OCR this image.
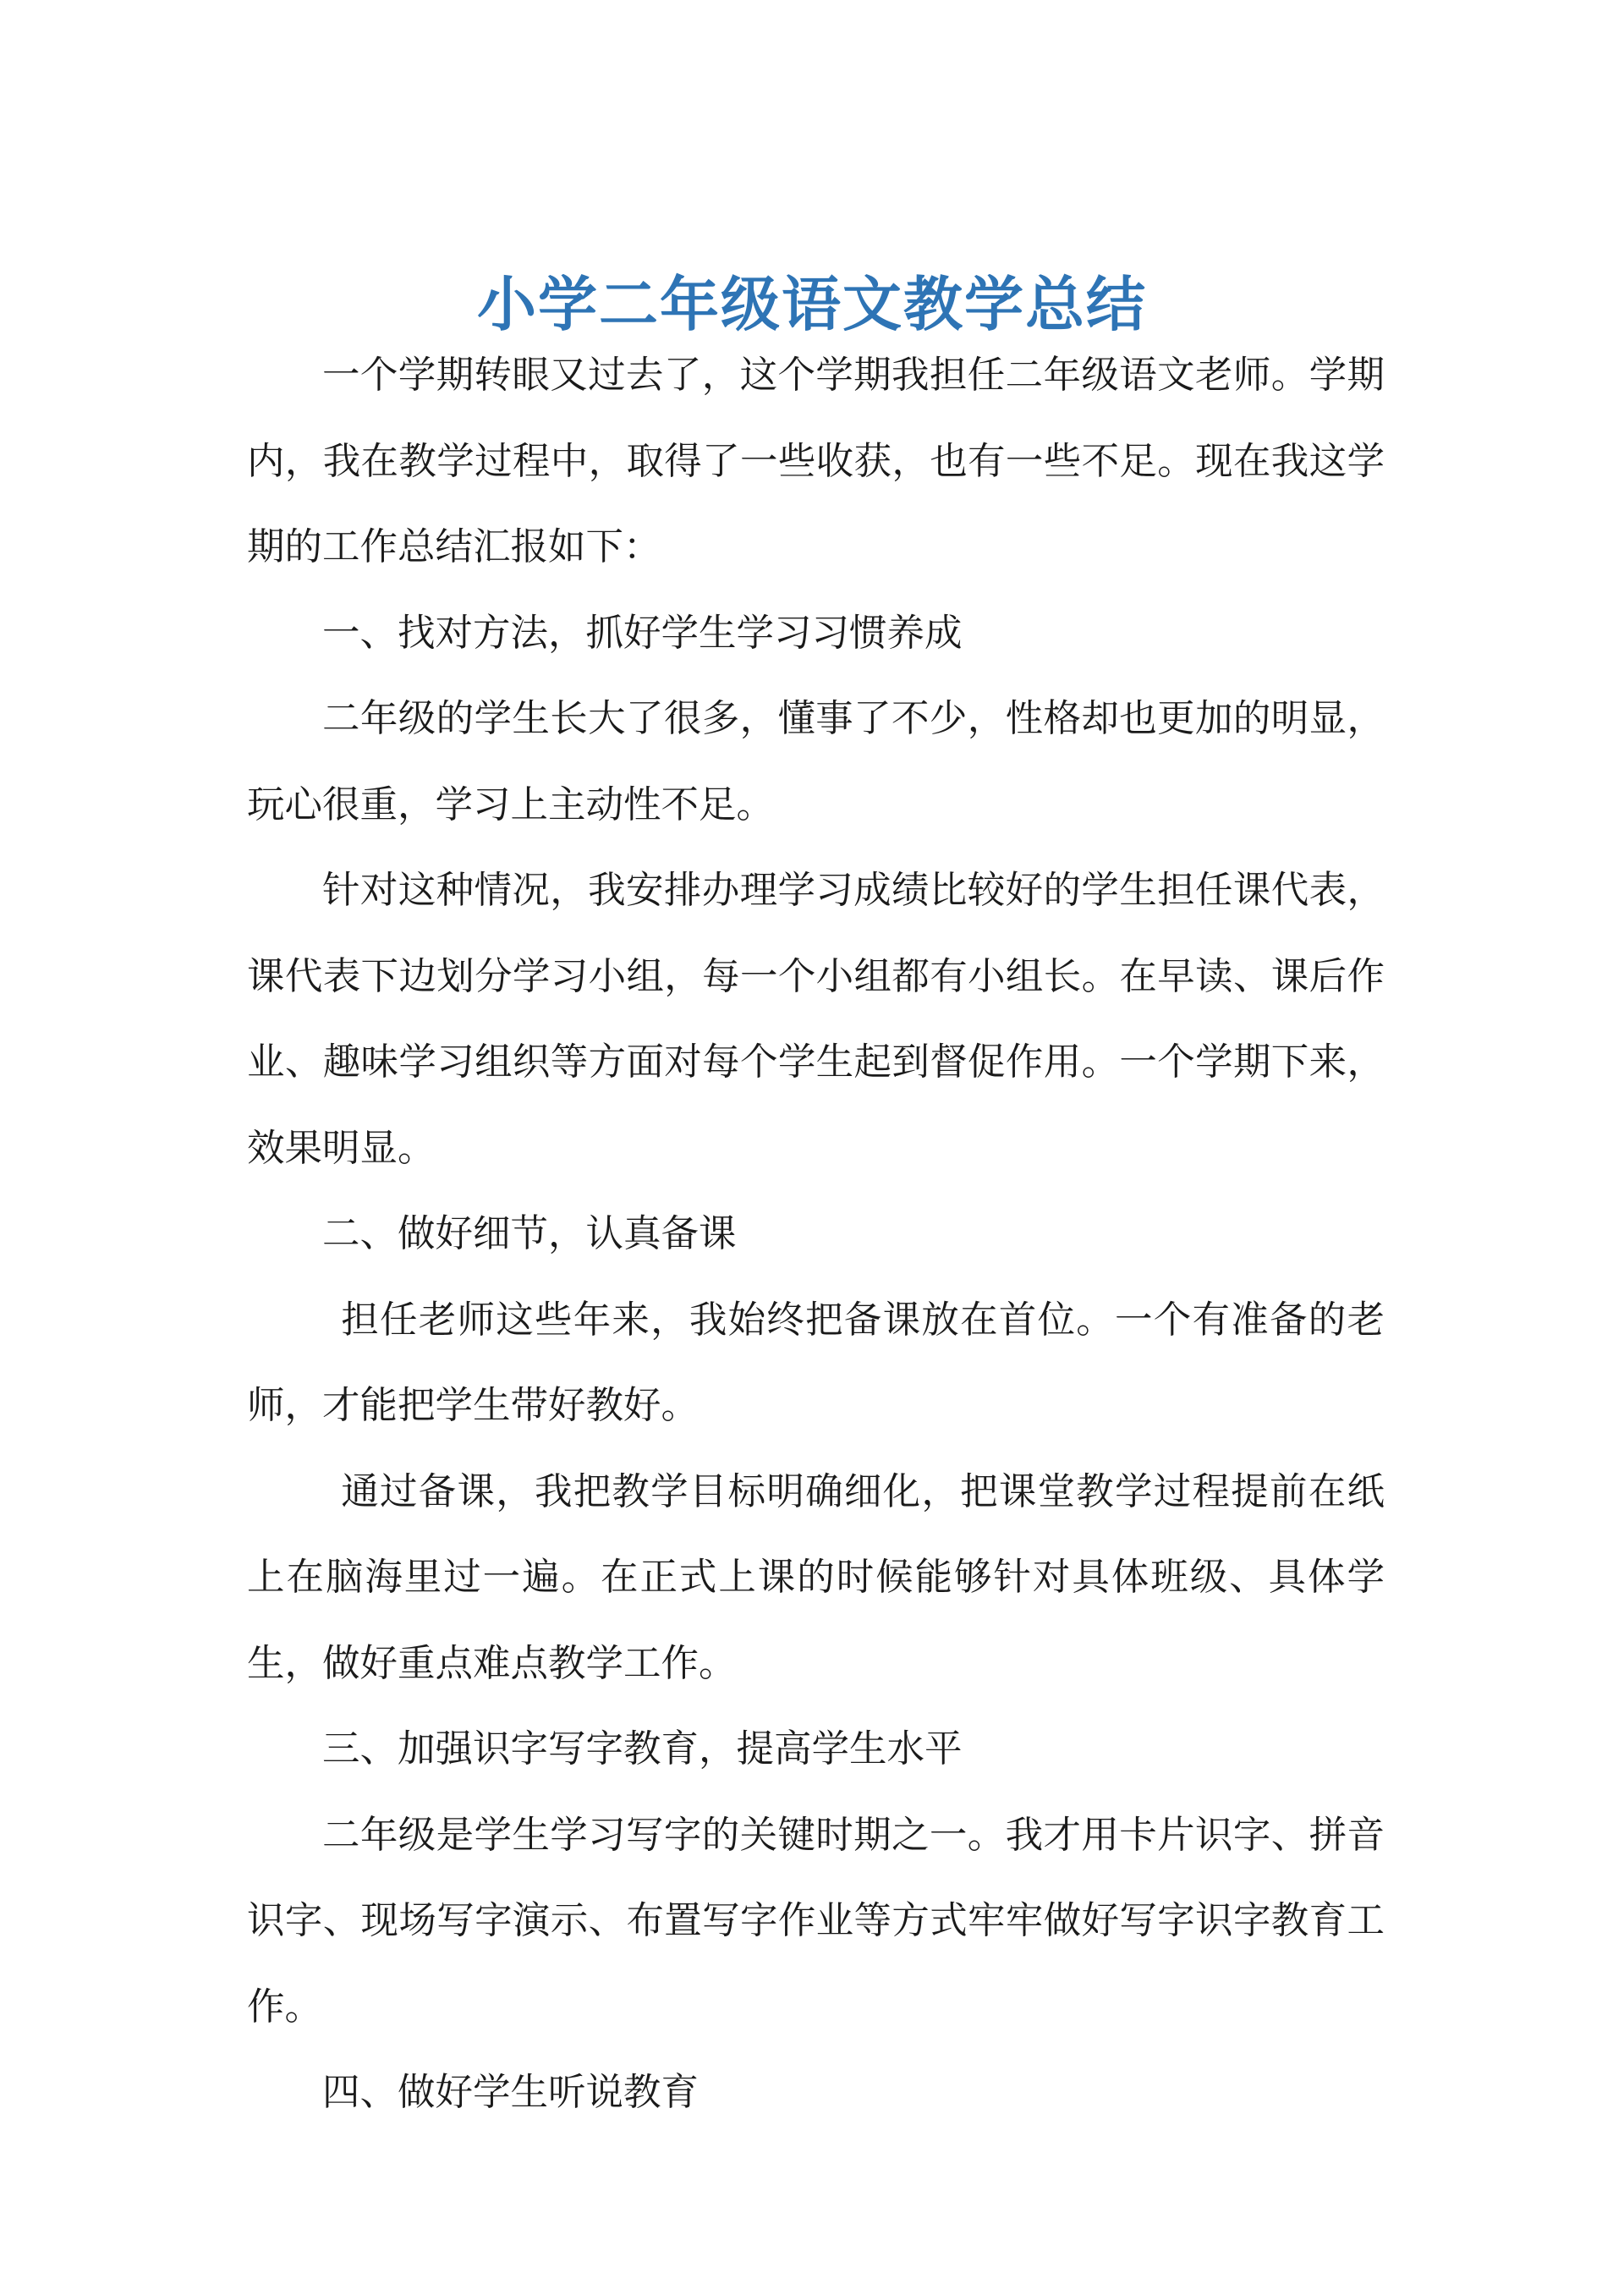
小学二年级语文教学总结

一个学期转眼又过去了，这个学期我担任二年级语文老师。学期内，我在教学过程中，取得了一些收获，也有一些不足。现在我这学期的工作总结汇报如下：

一、找对方法，抓好学生学习习惯养成

二年级的学生长大了很多，懂事了不少，性格却也更加的明显，玩心很重，学习上主动性不足。

针对这种情况，我安排办理学习成绩比较好的学生担任课代表，课代表下边划分学习小组，每一个小组都有小组长。在早读、课后作业、趣味学习组织等方面对每个学生起到督促作用。一个学期下来，效果明显。

二、做好细节，认真备课

担任老师这些年来，我始终把备课放在首位。一个有准备的老师，才能把学生带好教好。

通过备课，我把教学目标明确细化，把课堂教学过程提前在纸上在脑海里过一遍。在正式上课的时候能够针对具体班级、具体学生，做好重点难点教学工作。

三、加强识字写字教育，提高学生水平

二年级是学生学习写字的关键时期之一。我才用卡片识字、拼音识字、现场写字演示、布置写字作业等方式牢牢做好写字识字教育工作。

四、做好学生听说教育
